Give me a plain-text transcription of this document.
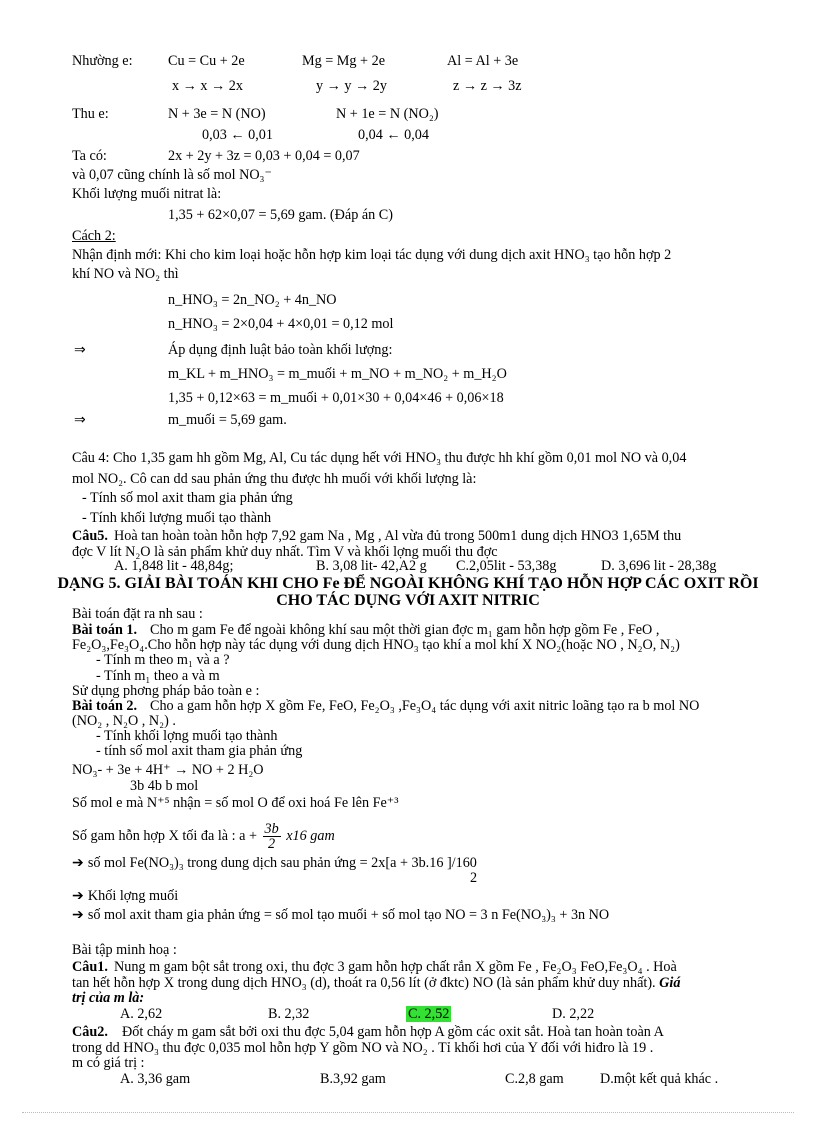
Nhường e: Cu = Cu + 2e	Mg = Mg + 2e	Al = Al + 3e
x → x → 2x	y → y → 2y	z → z → 3z
Thu e:	N + 3e = N (NO)	N + 1e = N (NO₂)
0,03 ← 0,01	0,04 ← 0,04
Ta có:	2x + 2y + 3z = 0,03 + 0,04 = 0,07
và 0,07 cũng chính là số mol NO₃⁻
Khối lượng muối nitrat là:
1,35 + 62×0,07 = 5,69 gam. (Đáp án C)
Cách 2:
Nhận định mới: Khi cho kim loại hoặc hỗn hợp kim loại tác dụng với dung dịch axit HNO₃ tạo hỗn hợp 2
khí NO và NO₂ thì
n_HNO₃ = 2n_NO₂ + 4n_NO
n_HNO₃ = 2×0,04 + 4×0,01 = 0,12 mol
⇒	Áp dụng định luật bảo toàn khối lượng:
m_KL + m_HNO₃ = m_muối + m_NO + m_NO₂ + m_H₂O
1,35 + 0,12×63 = m_muối + 0,01×30 + 0,04×46 + 0,06×18
⇒	m_muối = 5,69 gam.
Câu 4: Cho 1,35 gam hh gồm Mg, Al, Cu tác dụng hết với HNO₃ thu được hh khí gồm 0,01 mol NO và 0,04
mol NO₂. Cô can dd sau phản ứng thu được hh muối với khối lượng là:
- Tính số mol axit tham gia phản ứng
- Tính khối lượng muối tạo thành
Câu5. Hoà tan hoàn toàn hỗn hợp 7,92 gam Na , Mg , Al vừa đủ trong 500m1 dung dịch HNO3 1,65M thu
đợc V lít N₂O là sản phẩm khử duy nhất. Tìm V và khối lợng muối thu đợc
A. 1,848 lit - 48,84g;	B. 3,08 lit- 42,A2 g C.2,05lit - 53,38g	D. 3,696 lit - 28,38g
DẠNG 5. GIẢI BÀI TOÁN KHI CHO Fe ĐỂ NGOÀI KHÔNG KHÍ TẠO HỖN HỢP CÁC OXIT RỒI
CHO TÁC DỤNG VỚI AXIT NITRIC
Bài toán đặt ra nh sau :
Bài toán 1. Cho m gam Fe để ngoài không khí sau một thời gian đợc m₁ gam hỗn hợp gồm Fe , FeO ,
Fe₂O₃,Fe₃O₄.Cho hỗn hợp này tác dụng với dung dịch HNO₃ tạo khí a mol khí X NO₂(hoặc NO , N₂O, N₂)
- Tính m theo m₁ và a ?
- Tính m₁ theo a và m
Sử dụng phơng pháp bảo toàn e :
Bài toán 2. Cho a gam hỗn hợp X gồm Fe, FeO, Fe₂O₃ ,Fe₃O₄ tác dụng với axit nitric loãng tạo ra b mol NO
(NO₂ , N₂O , N₂) .
- Tính khối lợng muối tạo thành
- tính số mol axit tham gia phản ứng
NO₃- + 3e + 4H⁺ → NO + 2 H₂O
3b 4b b mol
Số mol e mà N⁺⁵ nhận = số mol O để oxi hoá Fe lên Fe⁺³
Số gam hỗn hợp X tối đa là : $a + \frac{3b}{2} x16$ gam
➔ số mol Fe(NO₃)₃ trong dung dịch sau phản ứng = 2x[a + 3b.16 ]/160
2
➔ Khối lợng muối
➔ số mol axit tham gia phản ứng = số mol tạo muối + số mol tạo NO = 3 n Fe(NO₃)₃ + 3n NO
Bài tập minh hoạ :
Câu1. Nung m gam bột sắt trong oxi, thu đợc 3 gam hỗn hợp chất rắn X gồm Fe , Fe₂O₃ FeO,Fe₃O₄ . Hoà
tan hết hỗn hợp X trong dung dịch HNO₃ (d), thoát ra 0,56 lít (ở đktc) NO (là sản phẩm khử duy nhất). Giá
trị của m là:
A. 2,62	B. 2,32	C. 2,52	D. 2,22
Câu2. Đốt cháy m gam sắt bởi oxi thu đợc 5,04 gam hỗn hợp A gồm các oxit sắt. Hoà tan hoàn toàn A
trong dd HNO₃ thu đợc 0,035 mol hỗn hợp Y gồm NO và NO₂ . Tỉ khối hơi của Y đối với hiđro là 19 .
m có giá trị :
A. 3,36 gam	B.3,92 gam	C.2,8 gam	D.một kết quả khác .
